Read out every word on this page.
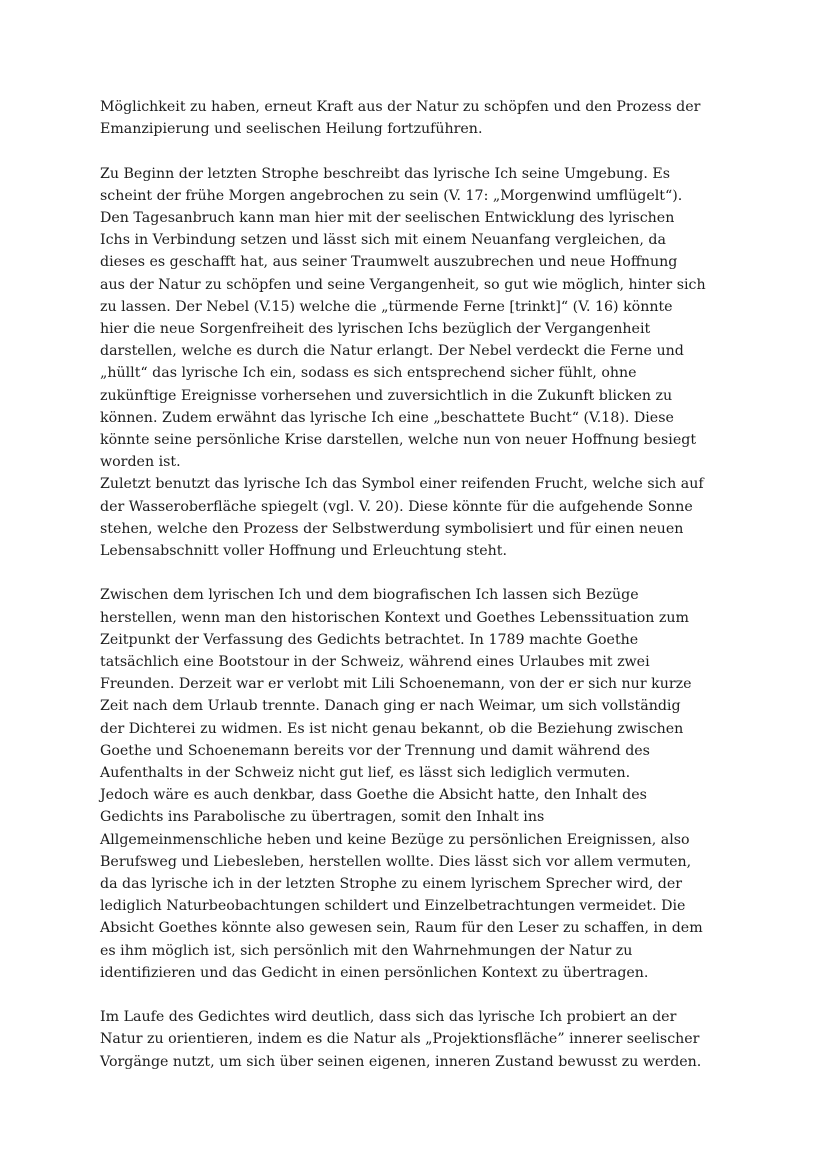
Möglichkeit zu haben, erneut Kraft aus der Natur zu schöpfen und den Prozess der
Emanzipierung und seelischen Heilung fortzuführen.

Zu Beginn der letzten Strophe beschreibt das lyrische Ich seine Umgebung. Es
scheint der frühe Morgen angebrochen zu sein (V. 17: „Morgenwind umflügelt“).
Den Tagesanbruch kann man hier mit der seelischen Entwicklung des lyrischen
Ichs in Verbindung setzen und lässt sich mit einem Neuanfang vergleichen, da
dieses es geschafft hat, aus seiner Traumwelt auszubrechen und neue Hoffnung
aus der Natur zu schöpfen und seine Vergangenheit, so gut wie möglich, hinter sich
zu lassen. Der Nebel (V.15) welche die „türmende Ferne [trinkt]“ (V. 16) könnte
hier die neue Sorgenfreiheit des lyrischen Ichs bezüglich der Vergangenheit
darstellen, welche es durch die Natur erlangt. Der Nebel verdeckt die Ferne und
„hüllt“ das lyrische Ich ein, sodass es sich entsprechend sicher fühlt, ohne
zukünftige Ereignisse vorhersehen und zuversichtlich in die Zukunft blicken zu
können. Zudem erwähnt das lyrische Ich eine „beschattete Bucht“ (V.18). Diese
könnte seine persönliche Krise darstellen, welche nun von neuer Hoffnung besiegt
worden ist.
Zuletzt benutzt das lyrische Ich das Symbol einer reifenden Frucht, welche sich auf
der Wasseroberfläche spiegelt (vgl. V. 20). Diese könnte für die aufgehende Sonne
stehen, welche den Prozess der Selbstwerdung symbolisiert und für einen neuen
Lebensabschnitt voller Hoffnung und Erleuchtung steht.

Zwischen dem lyrischen Ich und dem biografischen Ich lassen sich Bezüge
herstellen, wenn man den historischen Kontext und Goethes Lebenssituation zum
Zeitpunkt der Verfassung des Gedichts betrachtet. In 1789 machte Goethe
tatsächlich eine Bootstour in der Schweiz, während eines Urlaubes mit zwei
Freunden. Derzeit war er verlobt mit Lili Schoenemann, von der er sich nur kurze
Zeit nach dem Urlaub trennte. Danach ging er nach Weimar, um sich vollständig
der Dichterei zu widmen. Es ist nicht genau bekannt, ob die Beziehung zwischen
Goethe und Schoenemann bereits vor der Trennung und damit während des
Aufenthalts in der Schweiz nicht gut lief, es lässt sich lediglich vermuten.
Jedoch wäre es auch denkbar, dass Goethe die Absicht hatte, den Inhalt des
Gedichts ins Parabolische zu übertragen, somit den Inhalt ins
Allgemeinmenschliche heben und keine Bezüge zu persönlichen Ereignissen, also
Berufsweg und Liebesleben, herstellen wollte. Dies lässt sich vor allem vermuten,
da das lyrische ich in der letzten Strophe zu einem lyrischem Sprecher wird, der
lediglich Naturbeobachtungen schildert und Einzelbetrachtungen vermeidet. Die
Absicht Goethes könnte also gewesen sein, Raum für den Leser zu schaffen, in dem
es ihm möglich ist, sich persönlich mit den Wahrnehmungen der Natur zu
identifizieren und das Gedicht in einen persönlichen Kontext zu übertragen.

Im Laufe des Gedichtes wird deutlich, dass sich das lyrische Ich probiert an der
Natur zu orientieren, indem es die Natur als „Projektionsfläche” innerer seelischer
Vorgänge nutzt, um sich über seinen eigenen, inneren Zustand bewusst zu werden.
